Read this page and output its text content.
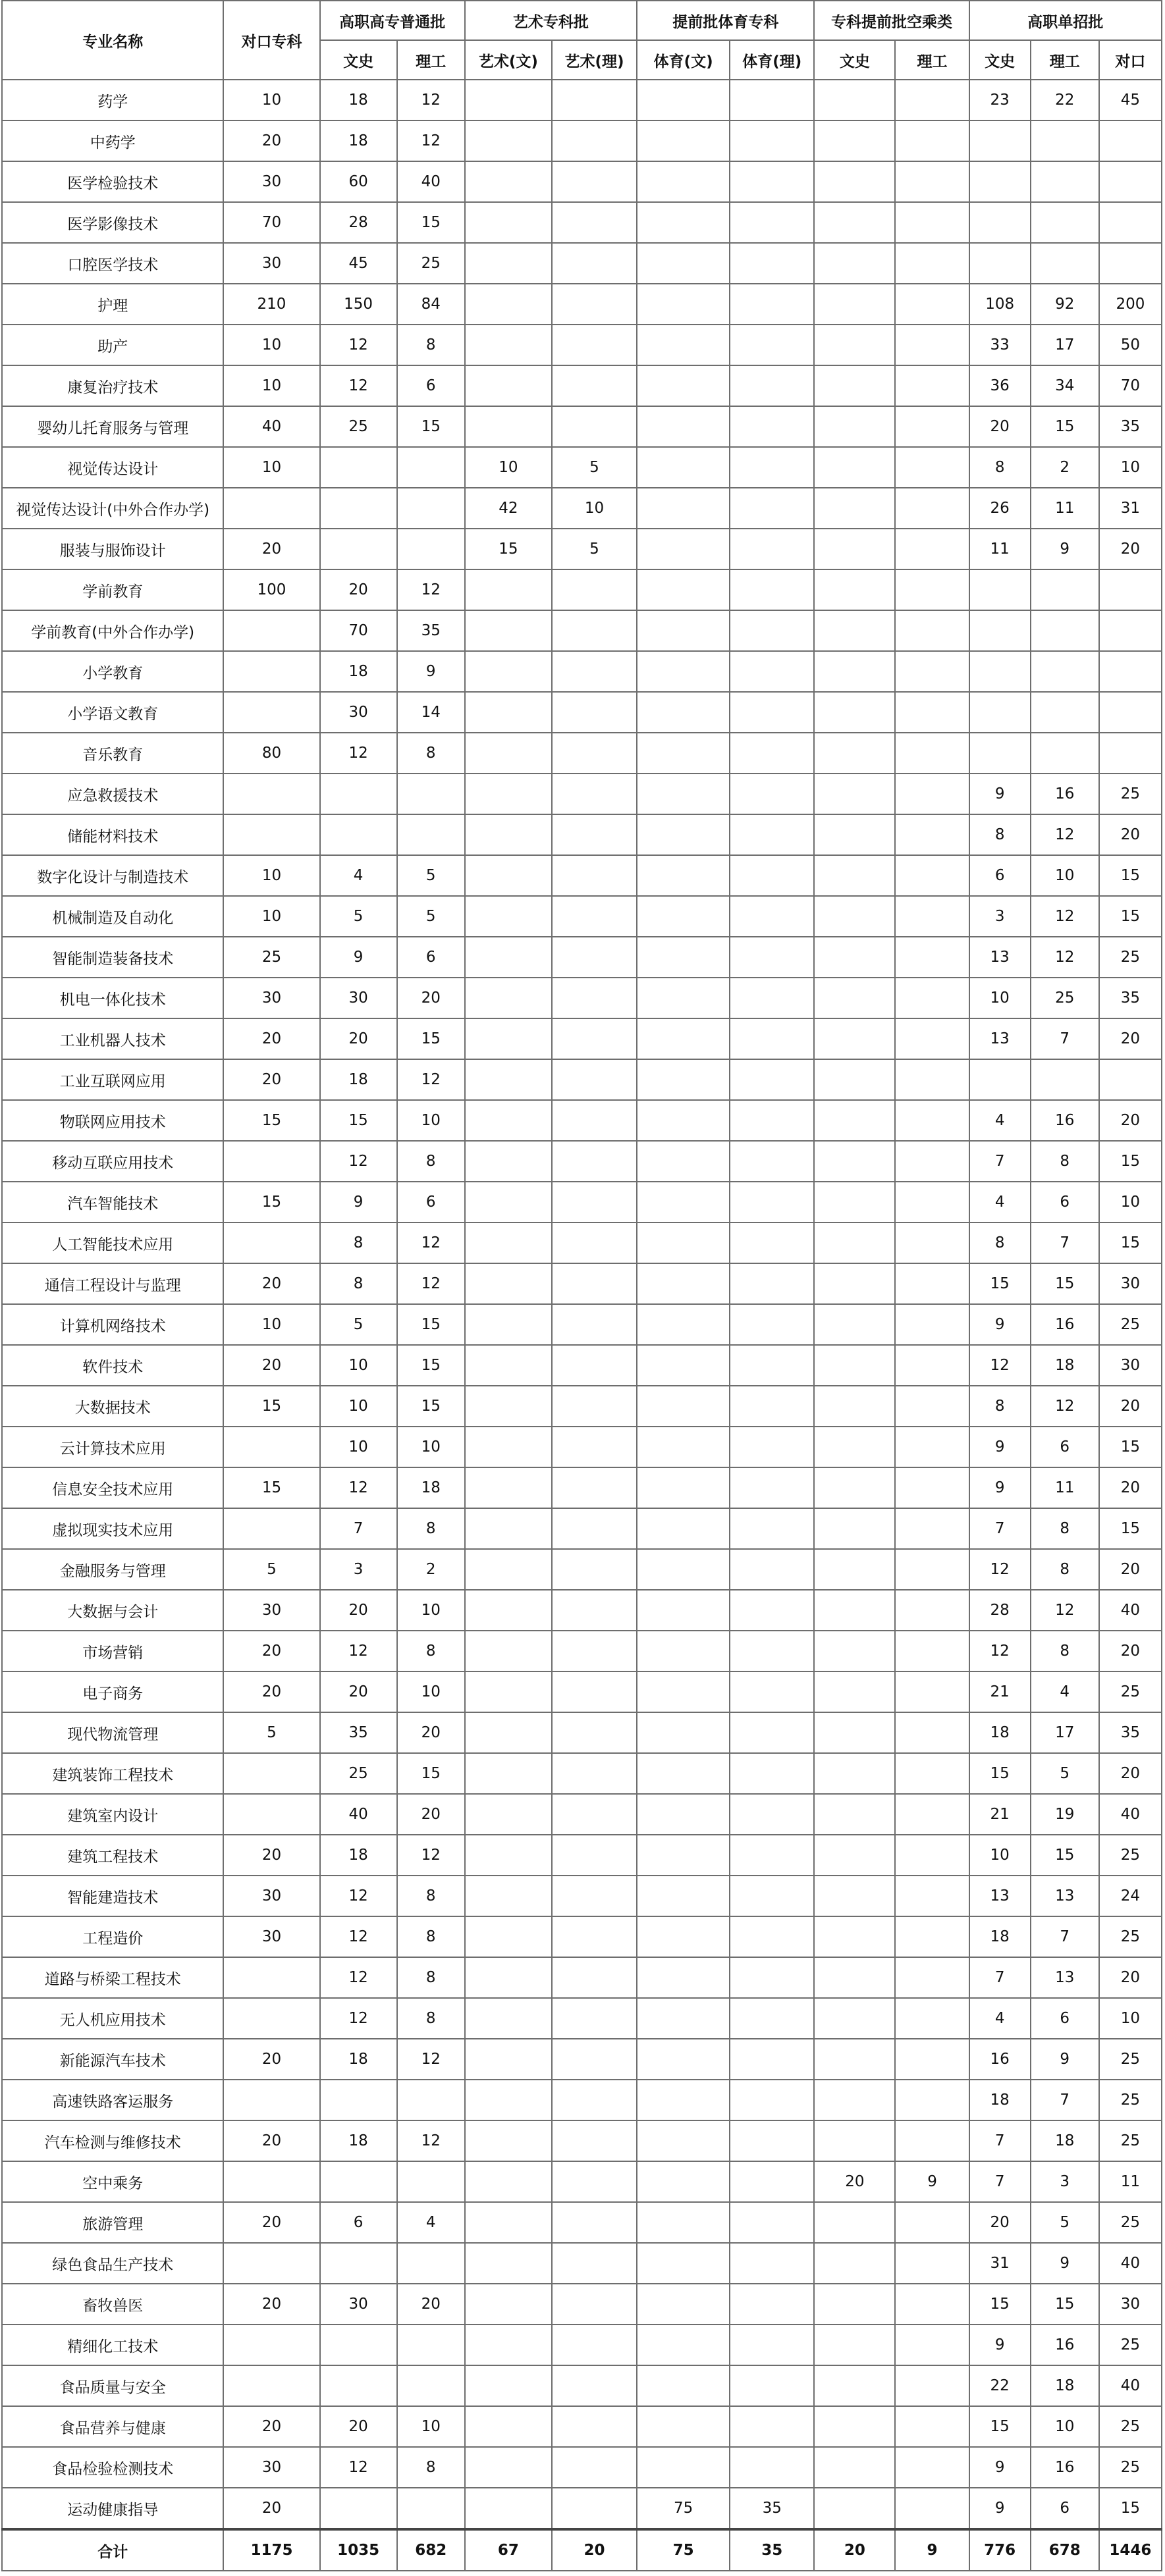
专业名称	对口专科	高职高专普通批		艺术专科批		提前批体育专科		专科提前批空乘类		高职单招批		
		文史	理工	艺术(文)	艺术(理)	体育(文)	体育(理)	文史	理工	文史	理工	对口
药学	10	18	12							23	22	45
中药学	20	18	12									
医学检验技术	30	60	40									
医学影像技术	70	28	15									
口腔医学技术	30	45	25									
护理	210	150	84							108	92	200
助产	10	12	8							33	17	50
康复治疗技术	10	12	6							36	34	70
婴幼儿托育服务与管理	40	25	15							20	15	35
视觉传达设计	10			10	5					8	2	10
视觉传达设计(中外合作办学)				42	10					26	11	31
服装与服饰设计	20			15	5					11	9	20
学前教育	100	20	12									
学前教育(中外合作办学)		70	35									
小学教育		18	9									
小学语文教育		30	14									
音乐教育	80	12	8									
应急救援技术										9	16	25
储能材料技术										8	12	20
数字化设计与制造技术	10	4	5							6	10	15
机械制造及自动化	10	5	5							3	12	15
智能制造装备技术	25	9	6							13	12	25
机电一体化技术	30	30	20							10	25	35
工业机器人技术	20	20	15							13	7	20
工业互联网应用	20	18	12									
物联网应用技术	15	15	10							4	16	20
移动互联应用技术		12	8							7	8	15
汽车智能技术	15	9	6							4	6	10
人工智能技术应用		8	12							8	7	15
通信工程设计与监理	20	8	12							15	15	30
计算机网络技术	10	5	15							9	16	25
软件技术	20	10	15							12	18	30
大数据技术	15	10	15							8	12	20
云计算技术应用		10	10							9	6	15
信息安全技术应用	15	12	18							9	11	20
虚拟现实技术应用		7	8							7	8	15
金融服务与管理	5	3	2							12	8	20
大数据与会计	30	20	10							28	12	40
市场营销	20	12	8							12	8	20
电子商务	20	20	10							21	4	25
现代物流管理	5	35	20							18	17	35
建筑装饰工程技术		25	15							15	5	20
建筑室内设计		40	20							21	19	40
建筑工程技术	20	18	12							10	15	25
智能建造技术	30	12	8							13	13	24
工程造价	30	12	8							18	7	25
道路与桥梁工程技术		12	8							7	13	20
无人机应用技术		12	8							4	6	10
新能源汽车技术	20	18	12							16	9	25
高速铁路客运服务										18	7	25
汽车检测与维修技术	20	18	12							7	18	25
空中乘务								20	9	7	3	11
旅游管理	20	6	4							20	5	25
绿色食品生产技术										31	9	40
畜牧兽医	20	30	20							15	15	30
精细化工技术										9	16	25
食品质量与安全										22	18	40
食品营养与健康	20	20	10							15	10	25
食品检验检测技术	30	12	8							9	16	25
运动健康指导	20					75	35			9	6	15
合计	1175	1035	682	67	20	75	35	20	9	776	678	1446
